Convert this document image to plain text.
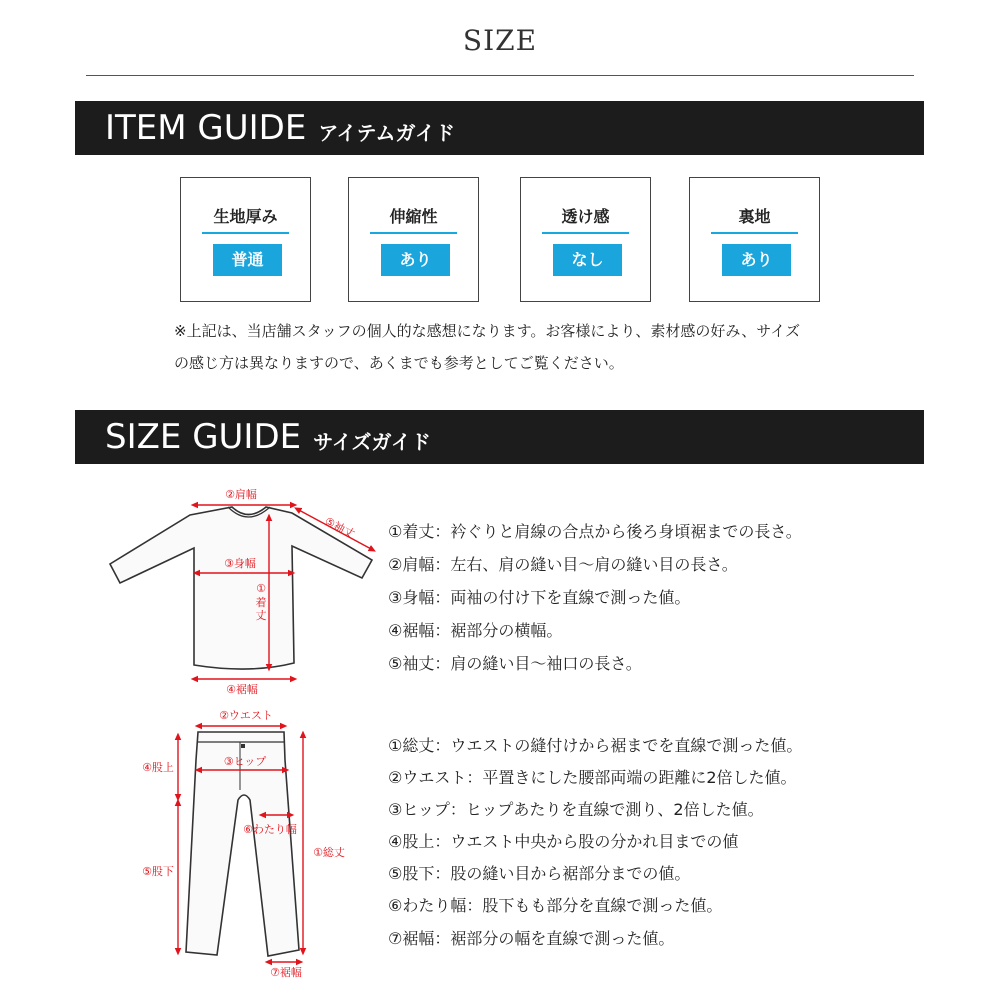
SIZE
ITEM GUIDE アイテムガイド
生地厚み
普通
伸縮性
あり
透け感
なし
裏地
あり
※上記は、当店舗スタッフの個人的な感想になります。お客様により、素材感の好み、サイズ
の感じ方は異なりますので、あくまでも参考としてご覧ください。
SIZE GUIDE サイズガイド
②肩幅
⑤袖丈
③身幅
①
着
丈
④裾幅
②ウエスト
③ヒップ
④股上
⑥わたり幅
⑤股下
①総丈
⑦裾幅
①着丈：衿ぐりと肩線の合点から後ろ身頃裾までの長さ。
②肩幅：左右、肩の縫い目〜肩の縫い目の長さ。
③身幅：両袖の付け下を直線で測った値。
④裾幅：裾部分の横幅。
⑤袖丈：肩の縫い目〜袖口の長さ。
①総丈：ウエストの縫付けから裾までを直線で測った値。
②ウエスト：平置きにした腰部両端の距離に2倍した値。
③ヒップ：ヒップあたりを直線で測り、2倍した値。
④股上：ウエスト中央から股の分かれ目までの値
⑤股下：股の縫い目から裾部分までの値。
⑥わたり幅：股下もも部分を直線で測った値。
⑦裾幅：裾部分の幅を直線で測った値。
